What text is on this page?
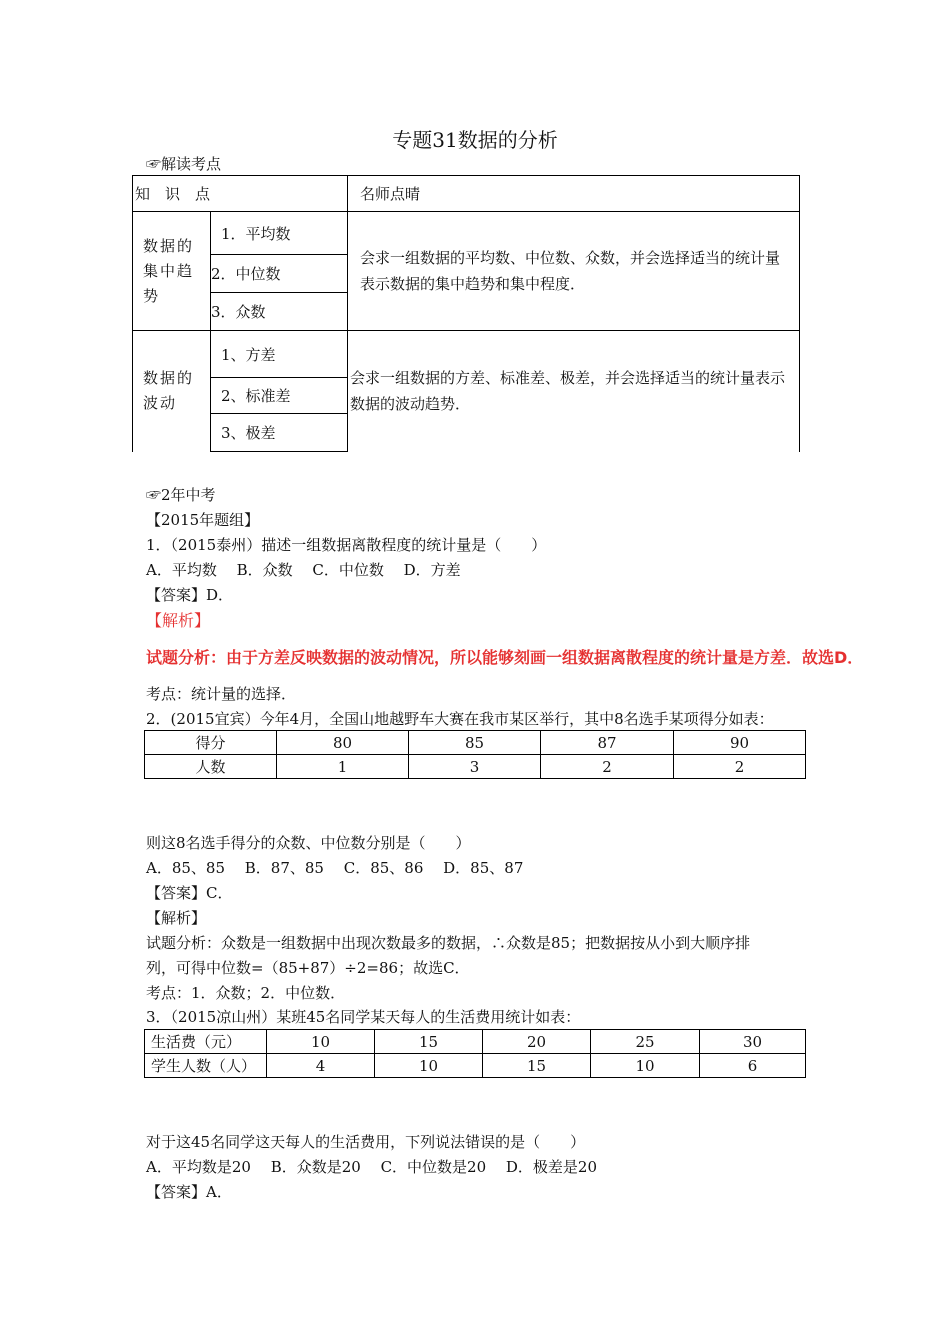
专题31数据的分析
☞解读考点
知　识　点		名师点晴

数据的集中趋势	1．平均数	会求一组数据的平均数、中位数、众数，并会选择适当的统计量表示数据的集中趋势和集中程度．
	2．中位数	
	3．众数	

数据的波动	1、方差	会求一组数据的方差、标准差、极差，并会选择适当的统计量表示数据的波动趋势．
	2、标准差	
	3、极差	
☞2年中考
【2015年题组】
1．（2015泰州）描述一组数据离散程度的统计量是（　　）
A．平均数　 B．众数　 C．中位数　 D．方差
【答案】D．
【解析】
试题分析：由于方差反映数据的波动情况，所以能够刻画一组数据离散程度的统计量是方差．故选D．
考点：统计量的选择．
2．(2015宜宾）今年4月，全国山地越野车大赛在我市某区举行，其中8名选手某项得分如表：
得分	80	85	87	90
人数	1	3	2	2
则这8名选手得分的众数、中位数分别是（　　）
A．85、85　 B．87、85　 C．85、86　 D．85、87
【答案】C．
【解析】
试题分析：众数是一组数据中出现次数最多的数据，∴众数是85；把数据按从小到大顺序排
列，可得中位数=（85+87）÷2=86；故选C．
考点：1．众数；2．中位数．
3．（2015凉山州）某班45名同学某天每人的生活费用统计如表：
生活费（元）	10	15	20	25	30
学生人数（人）	4	10	15	10	6
对于这45名同学这天每人的生活费用，下列说法错误的是（　　）
A．平均数是20　 B．众数是20　 C．中位数是20　 D．极差是20
【答案】A．
